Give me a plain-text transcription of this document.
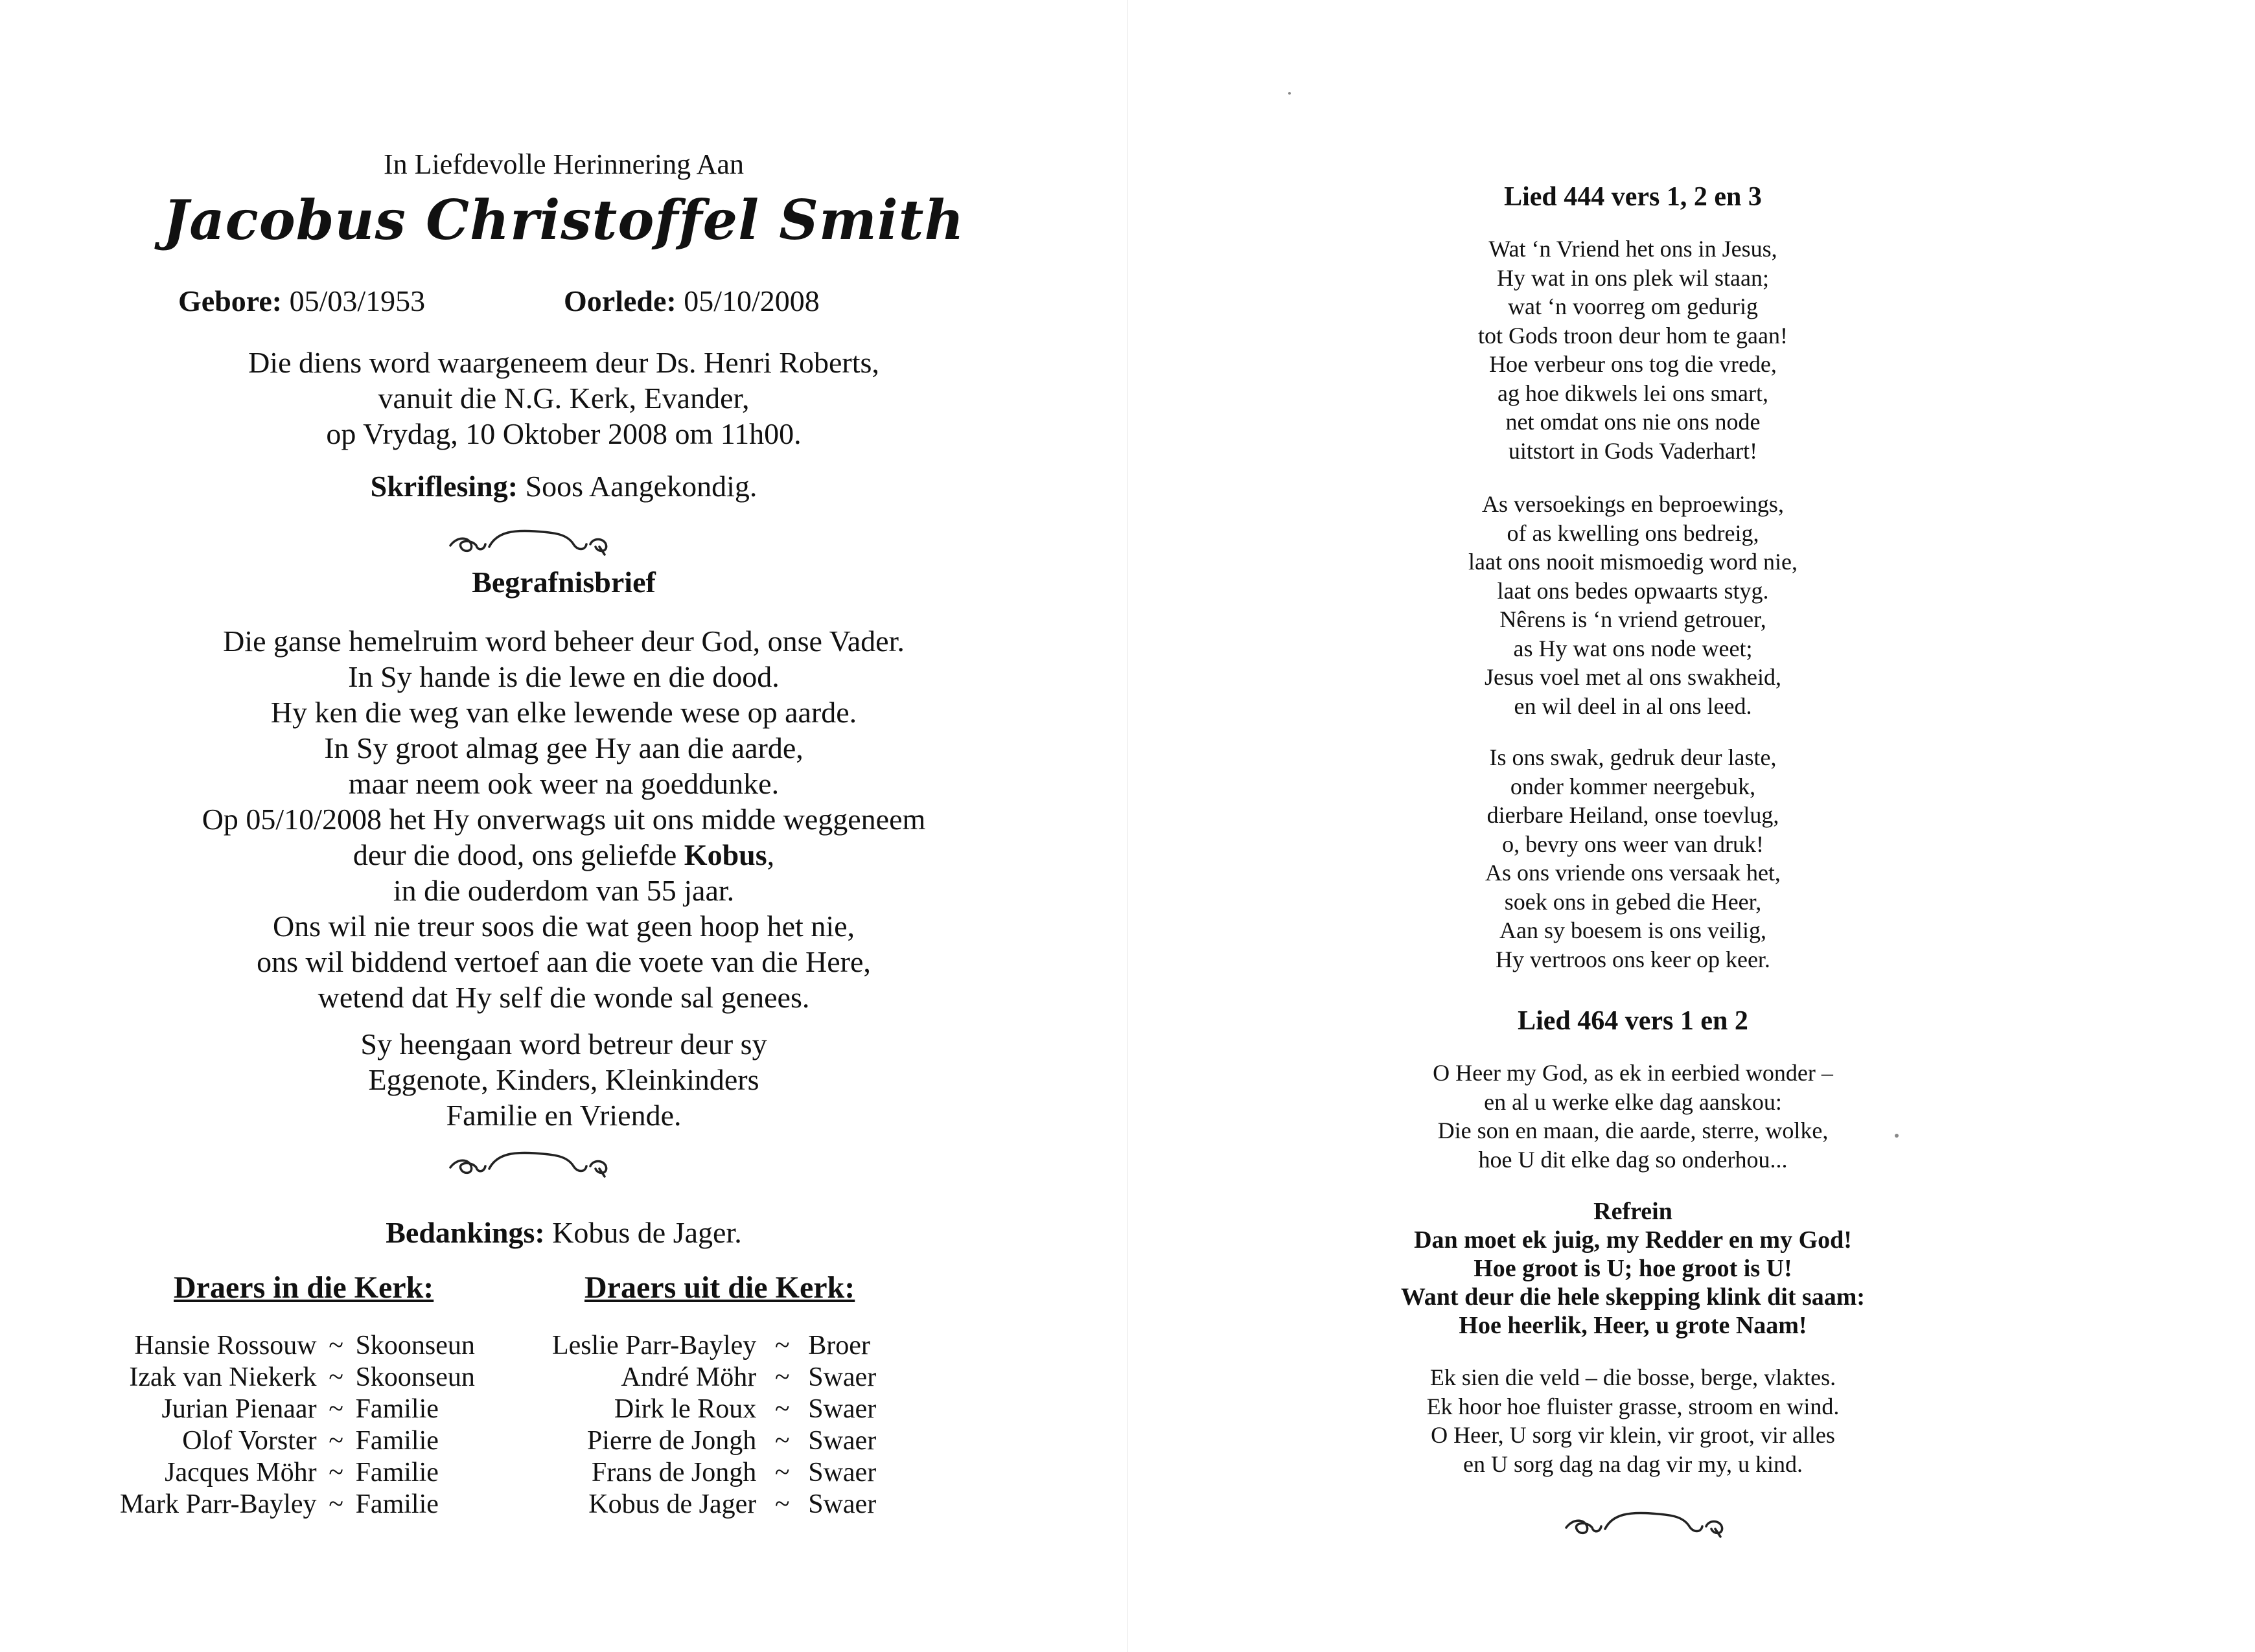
In Liefdevolle Herinnering Aan
Jacobus Christoffel Smith
Gebore: 05/03/1953	Oorlede: 05/10/2008
Die diens word waargeneem deur Ds. Henri Roberts,
vanuit die N.G. Kerk, Evander,
op Vrydag, 10 Oktober 2008 om 11h00.
Skriflesing: Soos Aangekondig.
Begrafnisbrief
Die ganse hemelruim word beheer deur God, onse Vader.
In Sy hande is die lewe en die dood.
Hy ken die weg van elke lewende wese op aarde.
In Sy groot almag gee Hy aan die aarde,
maar neem ook weer na goeddunke.
Op 05/10/2008 het Hy onverwags uit ons midde weggeneem
deur die dood, ons geliefde Kobus,
in die ouderdom van 55 jaar.
Ons wil nie treur soos die wat geen hoop het nie,
ons wil biddend vertoef aan die voete van die Here,
wetend dat Hy self die wonde sal genees.
Sy heengaan word betreur deur sy
Eggenote, Kinders, Kleinkinders
Familie en Vriende.
Bedankings: Kobus de Jager.
Draers in die Kerk:	Draers uit die Kerk:
Hansie Rossouw	~	Skoonseun
Izak van Niekerk	~	Skoonseun
Jurian Pienaar	~	Familie
Olof Vorster	~	Familie
Jacques Möhr	~	Familie
Mark Parr-Bayley	~	Familie
Leslie Parr-Bayley	~	Broer
André Möhr	~	Swaer
Dirk le Roux	~	Swaer
Pierre de Jongh	~	Swaer
Frans de Jongh	~	Swaer
Kobus de Jager	~	Swaer
Lied 444 vers 1, 2 en 3
Wat ‘n Vriend het ons in Jesus,
Hy wat in ons plek wil staan;
wat ‘n voorreg om gedurig
tot Gods troon deur hom te gaan!
Hoe verbeur ons tog die vrede,
ag hoe dikwels lei ons smart,
net omdat ons nie ons node
uitstort in Gods Vaderhart!
As versoekings en beproewings,
of as kwelling ons bedreig,
laat ons nooit mismoedig word nie,
laat ons bedes opwaarts styg.
Nêrens is ‘n vriend getrouer,
as Hy wat ons node weet;
Jesus voel met al ons swakheid,
en wil deel in al ons leed.
Is ons swak, gedruk deur laste,
onder kommer neergebuk,
dierbare Heiland, onse toevlug,
o, bevry ons weer van druk!
As ons vriende ons versaak het,
soek ons in gebed die Heer,
Aan sy boesem is ons veilig,
Hy vertroos ons keer op keer.
Lied 464 vers 1 en 2
O Heer my God, as ek in eerbied wonder –
en al u werke elke dag aanskou:
Die son en maan, die aarde, sterre, wolke,
hoe U dit elke dag so onderhou...
Refrein
Dan moet ek juig, my Redder en my God!
Hoe groot is U; hoe groot is U!
Want deur die hele skepping klink dit saam:
Hoe heerlik, Heer, u grote Naam!
Ek sien die veld – die bosse, berge, vlaktes.
Ek hoor hoe fluister grasse, stroom en wind.
O Heer, U sorg vir klein, vir groot, vir alles
en U sorg dag na dag vir my, u kind.
